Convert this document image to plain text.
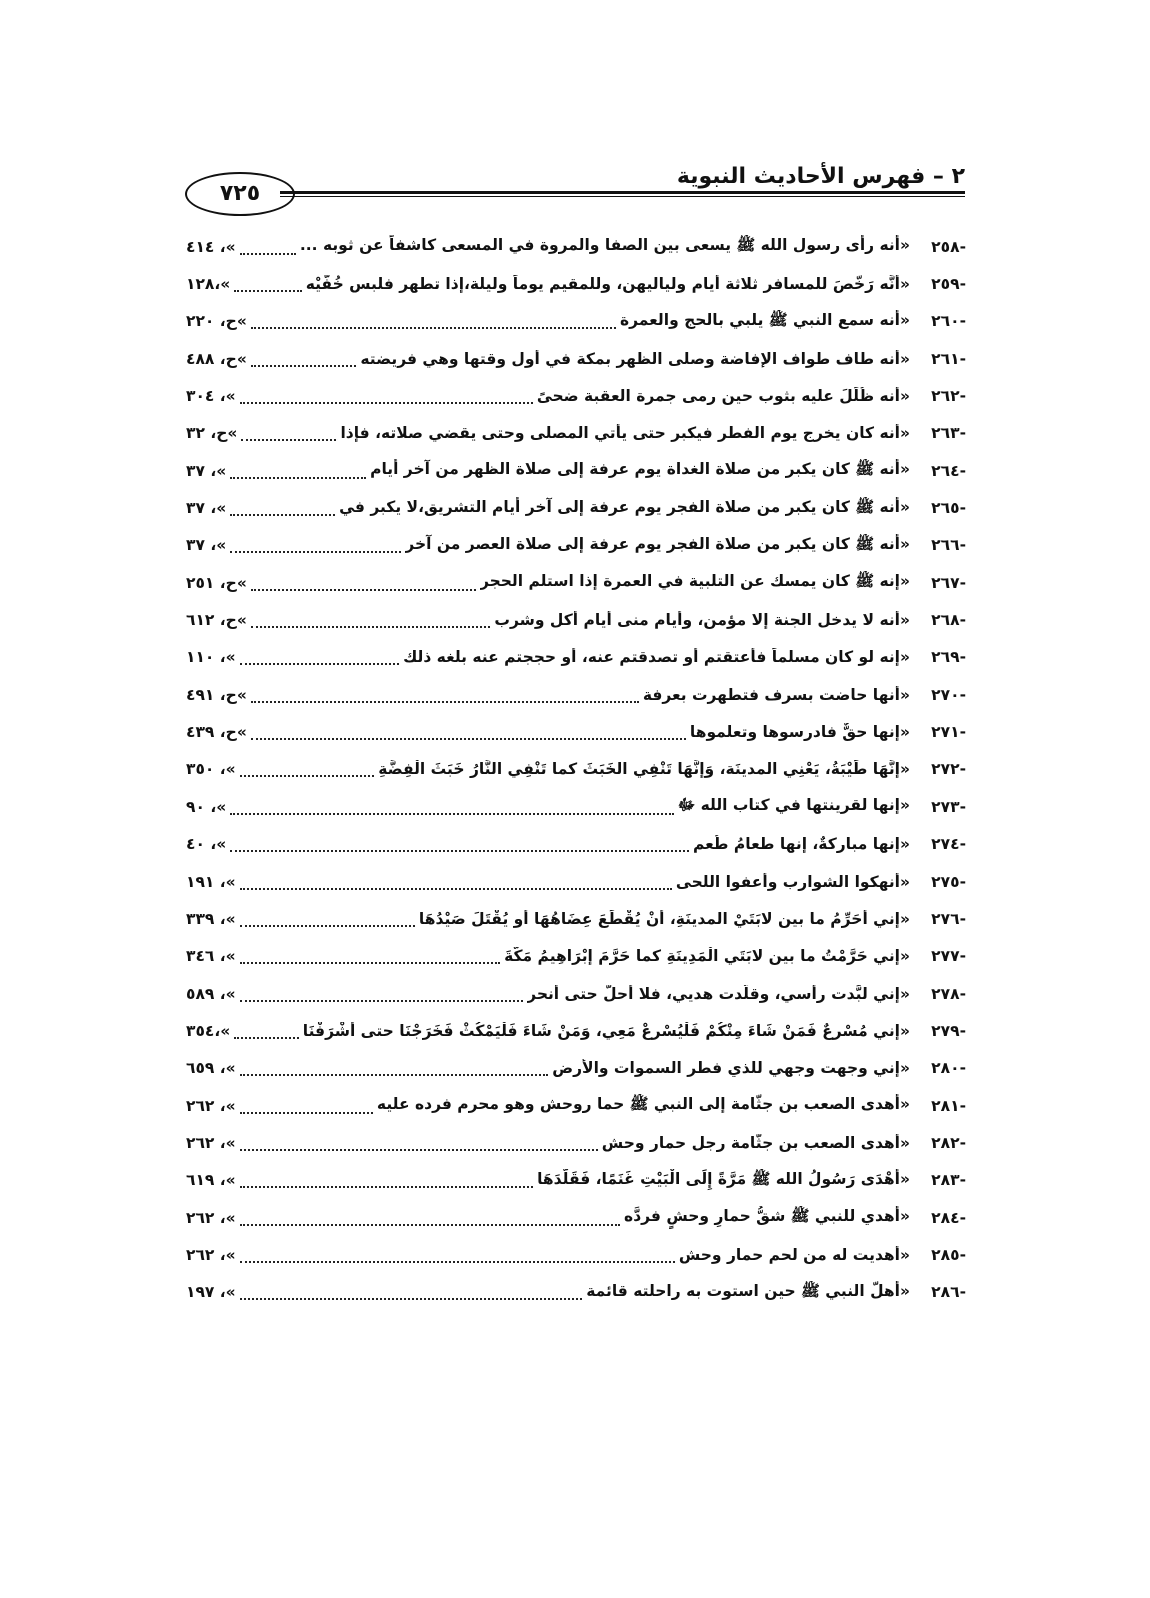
٧٢٥
٢ – فهرس الأحاديث النبوية
-٢٥٨
«أنه رأى رسول الله ﷺ يسعى بين الصفا والمروة في المسعى كاشفاً عن ثوبه ...
»، ٤١٤
-٢٥٩
«أَنَّه رَخَّصَ للمسافر ثلاثة أيام ولياليهن، وللمقيم يوماً وليلة،إذا تطهر فلبس خُفَّيْه
»،١٢٨
-٢٦٠
«أنه سمع النبي ﷺ يلبي بالحج والعمرة
»ح، ٢٢٠
-٢٦١
«أنه طاف طواف الإفاضة وصلى الظهر بمكة في أول وقتها وهي فريضته
»ح، ٤٨٨
-٢٦٢
«أنه ظُلِّلَ عليه بثوب حين رمى جمرة العقبة ضحىً
»، ٣٠٤
-٢٦٣
«أنه كان يخرج يوم الفطر فيكبر حتى يأتي المصلى وحتى يقضي صلاته، فإذا
»ح، ٣٢
-٢٦٤
«أنه ﷺ كان يكبر من صلاة الغداة يوم عرفة إلى صلاة الظهر من آخر أيام
»، ٣٧
-٢٦٥
«أنه ﷺ كان يكبر من صلاة الفجر يوم عرفة إلى آخر أيام التشريق،لا يكبر في
»، ٣٧
-٢٦٦
«أنه ﷺ كان يكبر من صلاة الفجر يوم عرفة إلى صلاة العصر من آخر
»، ٣٧
-٢٦٧
«إنه ﷺ كان يمسك عن التلبية في العمرة إذا استلم الحجر
»ح، ٢٥١
-٢٦٨
«أنه لا يدخل الجنة إلا مؤمن، وأيام منى أيام أكل وشرب
»ح، ٦١٢
-٢٦٩
«إنه لو كان مسلماً فأعتقتم أو تصدقتم عنه، أو حججتم عنه بلغه ذلك
»، ١١٠
-٢٧٠
«أنها حاضت بسرف فتطهرت بعرفة
»ح، ٤٩١
-٢٧١
«إنها حقٌّ فادرسوها وتعلموها
»ح، ٤٣٩
-٢٧٢
«إِنَّهَا طَيْبَةُ، يَعْنِي المدينَة، وَإِنَّهَا تَنْفِي الخَبَثَ كما تَنْفِي النَّارُ خَبَثَ الْفِضَّةِ
»، ٣٥٠
-٢٧٣
«إنها لقرينتها في كتاب الله ﷻ
»، ٩٠
-٢٧٤
«إنها مباركةٌ، إنها طعامُ طُعمٍ
»، ٤٠
-٢٧٥
«أنهكوا الشوارب وأعفوا اللحى
»، ١٩١
-٢٧٦
«إني أُحَرِّمُ ما بين لابَتَيْ المدينَةِ، أَنْ يُقْطَعَ عِضَاهُهَا أو يُقْتَلَ صَيْدُهَا
»، ٣٣٩
-٢٧٧
«إني حَرَّمْتُ ما بين لابَتَيِ الْمَدِينَةِ كما حَرَّمَ إِبْرَاهِيمُ مَكَّةَ
»، ٣٤٦
-٢٧٨
«إني لبَّدت رأسي، وقلّدت هديي، فلا أحلّ حتى أنحر
»، ٥٨٩
-٢٧٩
«إني مُسْرِعٌ فَمَنْ شَاءَ مِنْكُمْ فَلْيُسْرِعْ مَعِي، وَمَنْ شَاءَ فَلْيَمْكُثْ فَخَرَجْنَا حتى أَشْرَفْنَا
»،٣٥٤
-٢٨٠
«إني وجهت وجهي للذي فطر السموات والأرض
»، ٦٥٩
-٢٨١
«أهدى الصعب بن جثَّامة إلى النبي ﷺ حما روحش وهو محرم فرده عليه
»، ٢٦٢
-٢٨٢
«أهدى الصعب بن جثّامة رجل حمار وحشٍ
»، ٢٦٢
-٢٨٣
«أَهْدَى رَسُولُ الله ﷺ مَرَّةً إِلَى الْبَيْتِ غَنَمًا، فَقَلَّدَهَا
»، ٦١٩
-٢٨٤
«أهدي للنبي ﷺ شقُّ حمارِ وحشٍ فردَّه
»، ٢٦٢
-٢٨٥
«أهديت له من لحم حمارِ وحشٍ
»، ٢٦٢
-٢٨٦
«أهلَّ النبي ﷺ حين استوت به راحلته قائمة
»، ١٩٧
